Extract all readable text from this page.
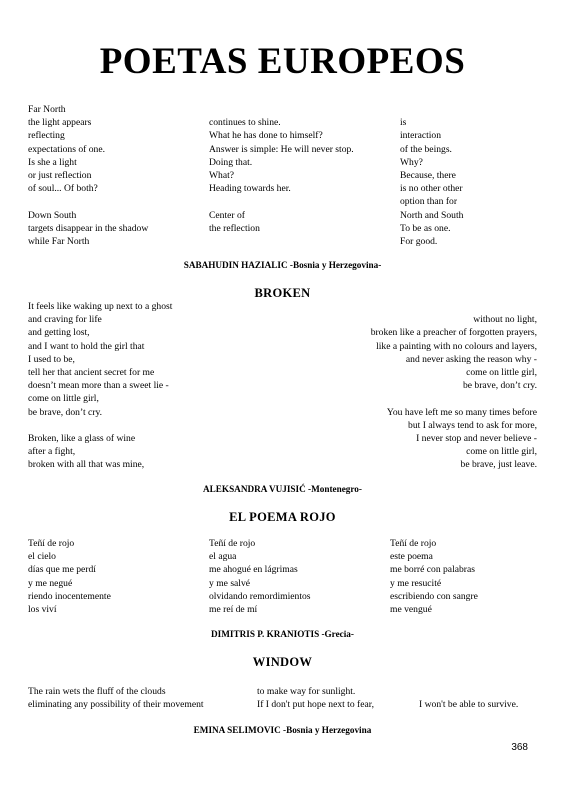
POETAS EUROPEOS
Far North
the light appears
reflecting
expectations of one.
Is she a light
or just reflection
of soul... Of both?
Down South
targets disappear in the shadow
while Far North
continues to shine.
What he has done to himself?
Answer is simple: He will never stop.
Doing that.
What?
Heading towards her.
Center of
the reflection
is
interaction
of the beings.
Why?
Because, there
is no other other
option than for
North and South
To be as one.
For good.
SABAHUDIN HAZIALIC -Bosnia y Herzegovina-
BROKEN
It feels like waking up next to a ghost
and craving for life
and getting lost,
and I want to hold the girl that
I used to be,
tell her that ancient secret for me
doesn’t mean more than a sweet lie -
come on little girl,
be brave, don’t cry.
Broken, like a glass of wine
after a fight,
broken with all that was mine,
without no light,
broken like a preacher of forgotten prayers,
like a painting with no colours and layers,
and never asking the reason why -
come on little girl,
be brave, don’t cry.
You have left me so many times before
but I always tend to ask for more,
I never stop and never believe -
come on little girl,
be brave, just leave.
ALEKSANDRA VUJISIĆ -Montenegro-
EL POEMA ROJO
Teñí de rojo
el cielo
días que me perdí
y me negué
riendo inocentemente
los viví
Teñí de rojo
el agua
me ahogué en lágrimas
y me salvé
olvidando remordimientos
me reí de mí
Teñí de rojo
este poema
me borré con palabras
y me resucité
escribiendo con sangre
me vengué
DIMITRIS P. KRANIOTIS -Grecia-
WINDOW
The rain wets the fluff of the clouds
eliminating any possibility of their movement
to make way for sunlight.
If I don't put hope next to fear,	I won't be able to survive.
EMINA SELIMOVIC -Bosnia y Herzegovina
368
